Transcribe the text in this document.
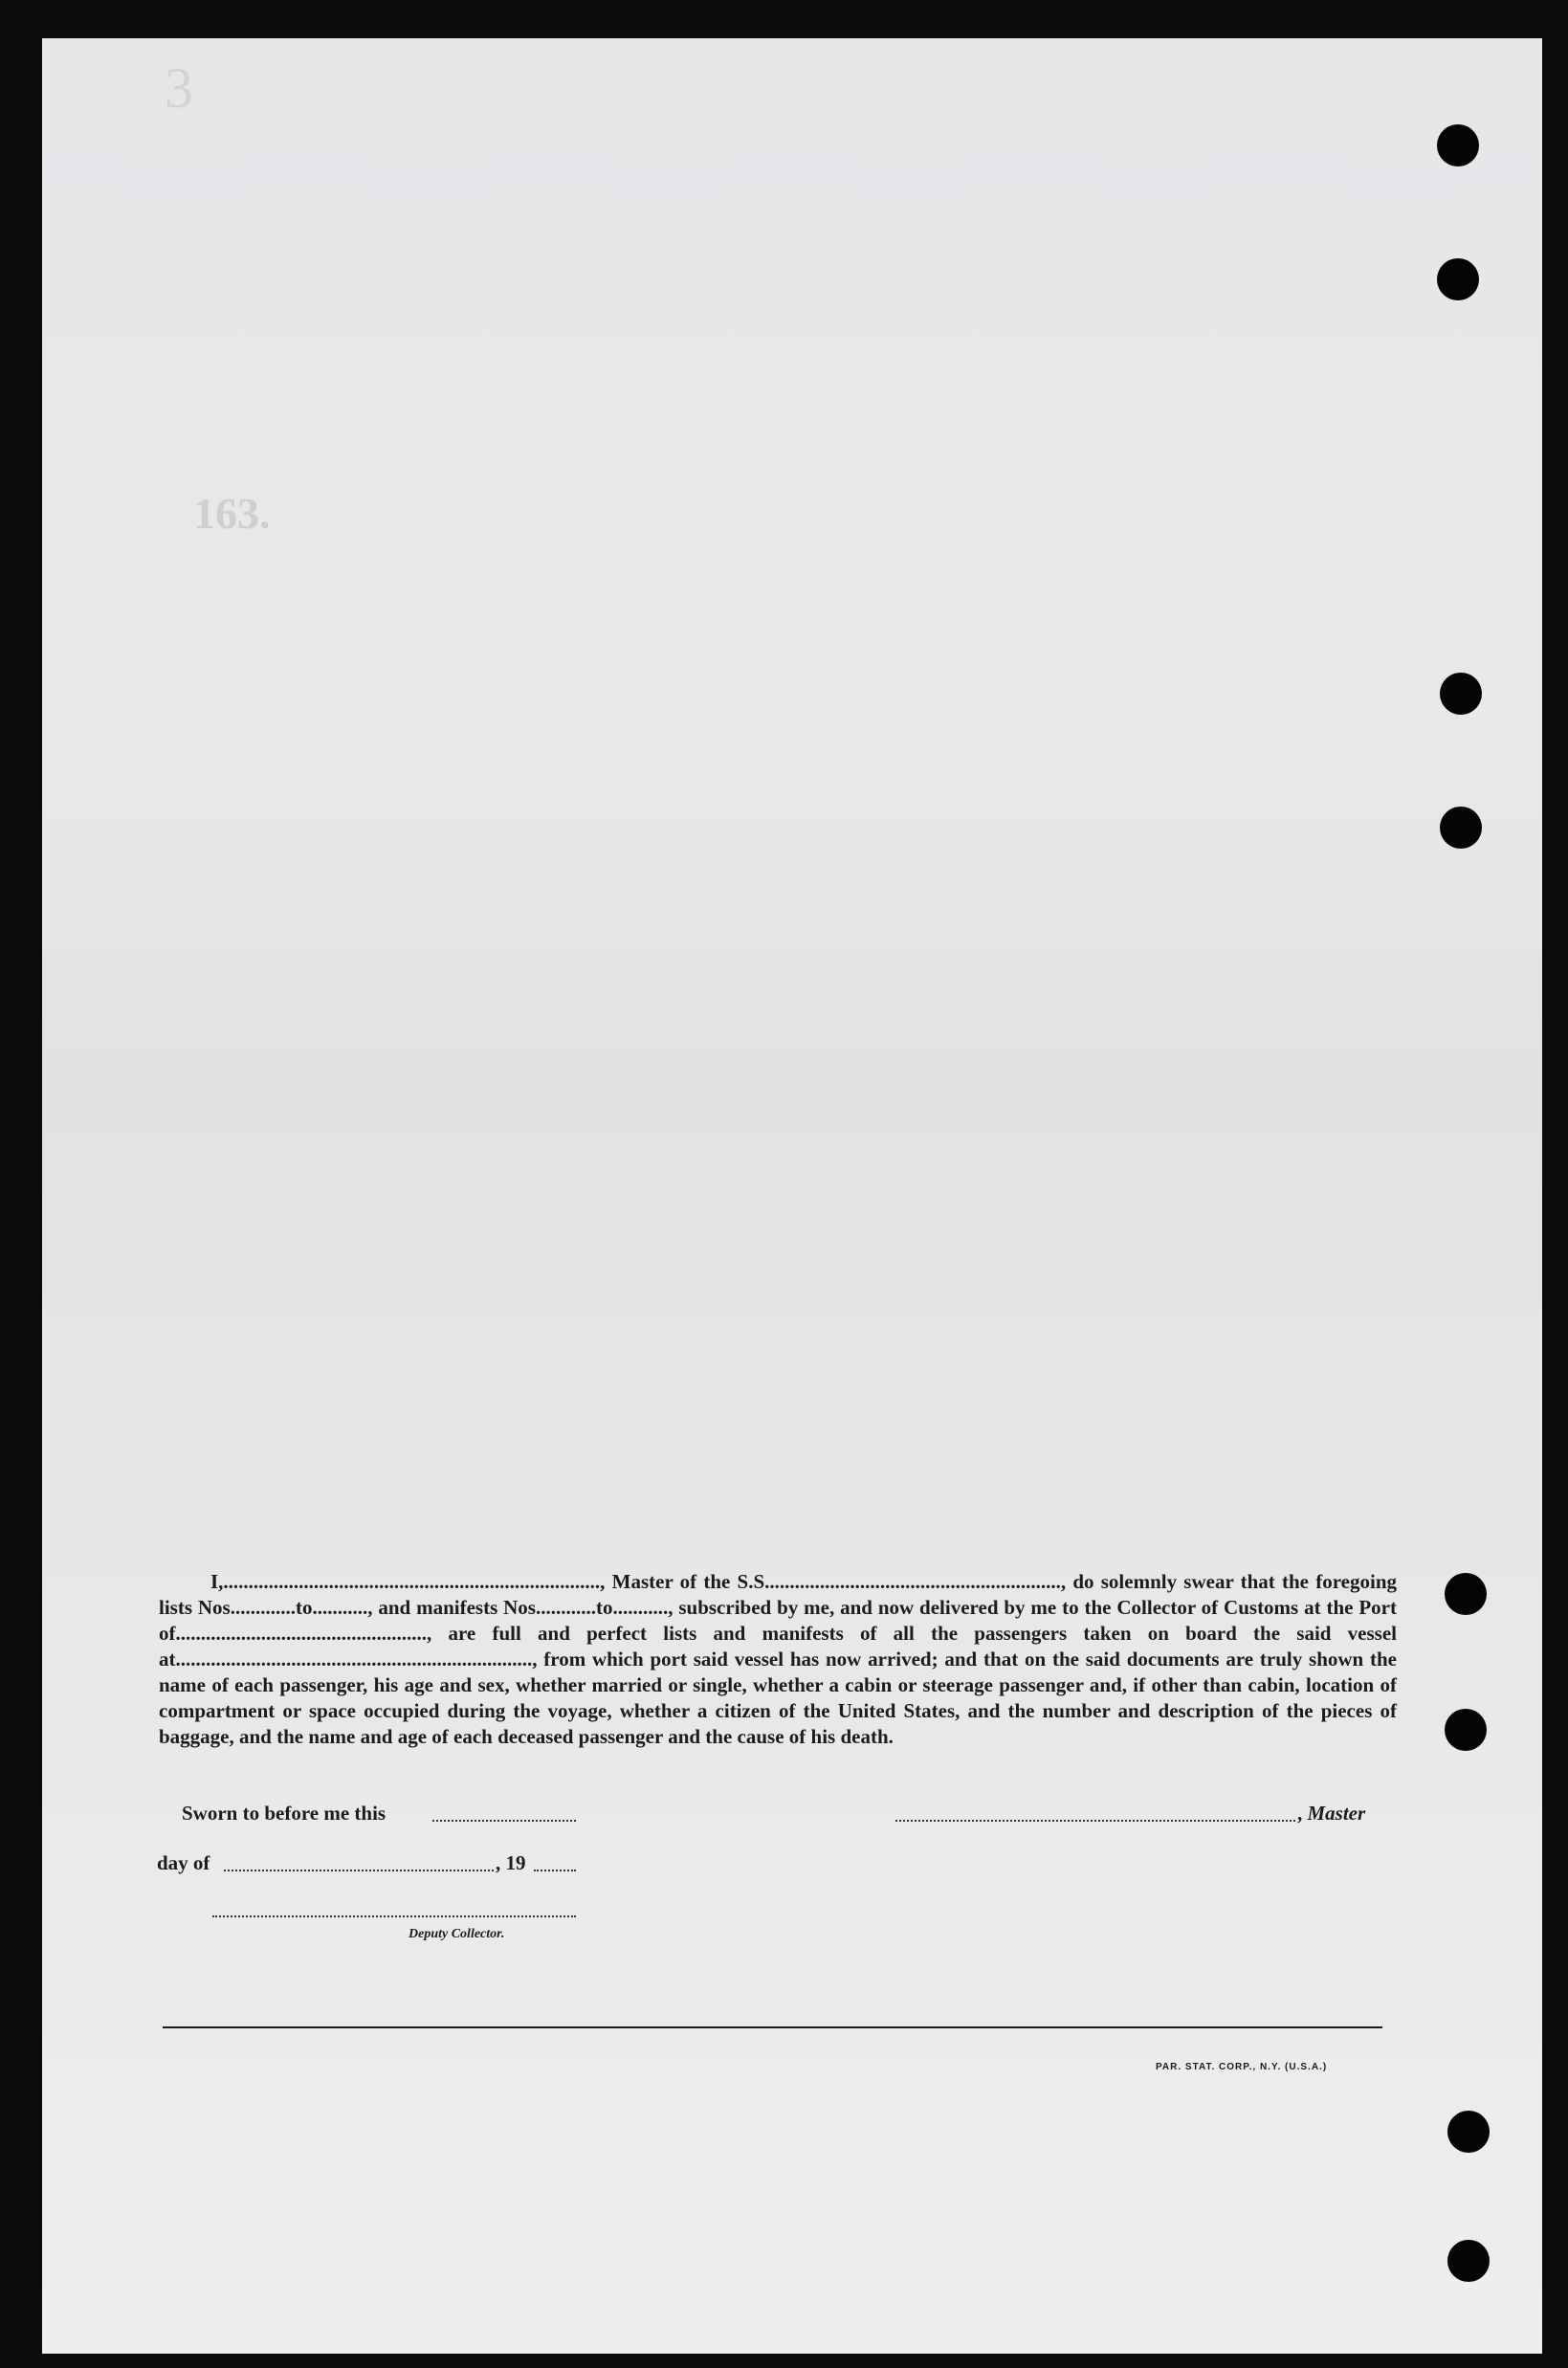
3
163.
I,..........................................................................., Master of the S.S..........................................................., do solemnly swear that the foregoing lists Nos.............to..........., and manifests Nos............to..........., subscribed by me, and now delivered by me to the Collector of Customs at the Port of.................................................., are full and perfect lists and manifests of all the passengers taken on board the said vessel at......................................................................., from which port said vessel has now arrived; and that on the said documents are truly shown the name of each passenger, his age and sex, whether married or single, whether a cabin or steerage passenger and, if other than cabin, location of compartment or space occupied during the voyage, whether a citizen of the United States, and the number and description of the pieces of baggage, and the name and age of each deceased passenger and the cause of his death.
Sworn to before me this	, Master
day of	, 19
Deputy Collector.
PAR. STAT. CORP., N.Y. (U.S.A.)
